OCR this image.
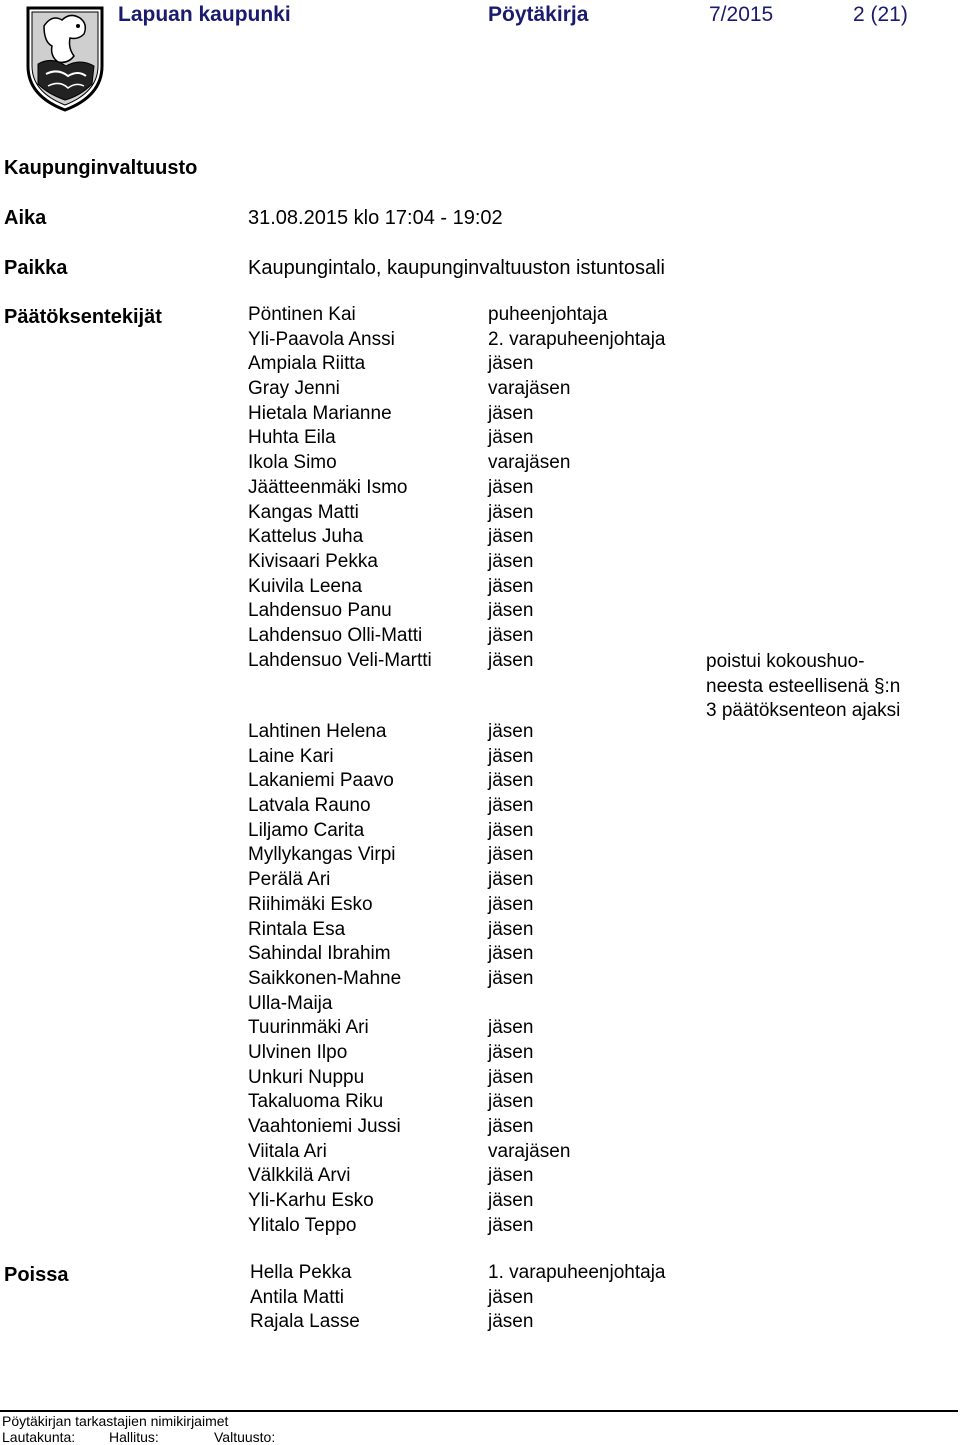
Lapuan kaupunki	Pöytäkirja	7/2015	2 (21)
Kaupunginvaltuusto
Aika	31.08.2015 klo 17:04 - 19:02
Paikka	Kaupungintalo, kaupunginvaltuuston istuntosali
Päätöksentekijät	Pöntinen Kai	puheenjohtaja
Yli-Paavola Anssi	2. varapuheenjohtaja
Ampiala Riitta	jäsen
Gray Jenni	varajäsen
Hietala Marianne	jäsen
Huhta Eila	jäsen
Ikola Simo	varajäsen
Jäätteenmäki Ismo	jäsen
Kangas Matti	jäsen
Kattelus Juha	jäsen
Kivisaari Pekka	jäsen
Kuivila Leena	jäsen
Lahdensuo Panu	jäsen
Lahdensuo Olli-Matti	jäsen
Lahdensuo Veli-Martti	jäsen	poistui kokoushuo-
neesta esteellisenä §:n
3 päätöksenteon ajaksi
Lahtinen Helena	jäsen
Laine Kari	jäsen
Lakaniemi Paavo	jäsen
Latvala Rauno	jäsen
Liljamo Carita	jäsen
Myllykangas Virpi	jäsen
Perälä Ari	jäsen
Riihimäki Esko	jäsen
Rintala Esa	jäsen
Sahindal Ibrahim	jäsen
Saikkonen-Mahne	jäsen
Ulla-Maija
Tuurinmäki Ari	jäsen
Ulvinen Ilpo	jäsen
Unkuri Nuppu	jäsen
Takaluoma Riku	jäsen
Vaahtoniemi Jussi	jäsen
Viitala Ari	varajäsen
Välkkilä Arvi	jäsen
Yli-Karhu Esko	jäsen
Ylitalo Teppo	jäsen
Poissa	Hella Pekka	1. varapuheenjohtaja
Antila Matti	jäsen
Rajala Lasse	jäsen
Pöytäkirjan tarkastajien nimikirjaimet
Lautakunta: Hallitus:	Valtuusto:
